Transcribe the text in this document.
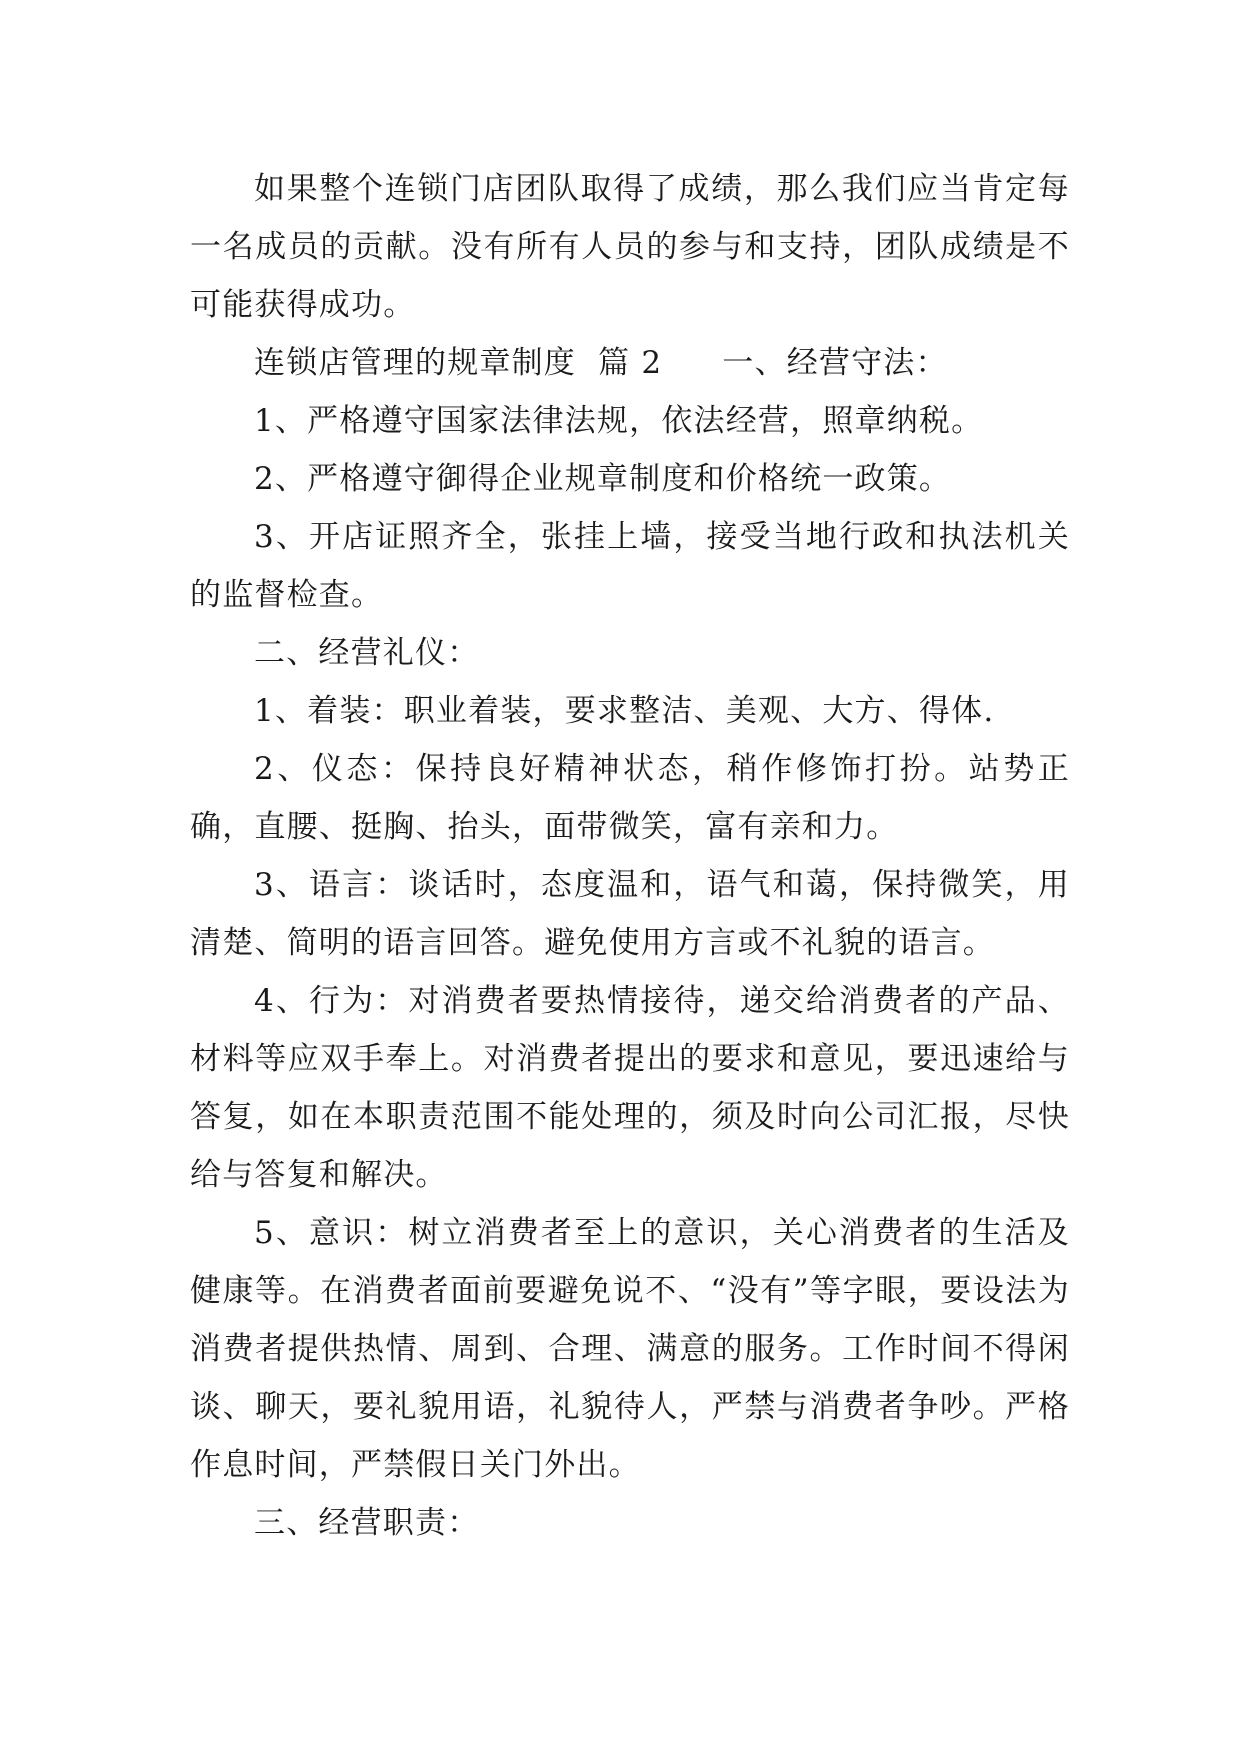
如果整个连锁门店团队取得了成绩，那么我们应当肯定每一名成员的贡献。没有所有人员的参与和支持，团队成绩是不可能获得成功。

连锁店管理的规章制度 篇 2 一、经营守法：

1、严格遵守国家法律法规，依法经营，照章纳税。

2、严格遵守御得企业规章制度和价格统一政策。

3、开店证照齐全，张挂上墙，接受当地行政和执法机关的监督检查。

二、经营礼仪：

1、着装：职业着装，要求整洁、美观、大方、得体.

2、仪态：保持良好精神状态，稍作修饰打扮。站势正确，直腰、挺胸、抬头，面带微笑，富有亲和力。

3、语言：谈话时，态度温和，语气和蔼，保持微笑，用清楚、简明的语言回答。避免使用方言或不礼貌的语言。

4、行为：对消费者要热情接待，递交给消费者的产品、材料等应双手奉上。对消费者提出的要求和意见，要迅速给与答复，如在本职责范围不能处理的，须及时向公司汇报，尽快给与答复和解决。

5、意识：树立消费者至上的意识，关心消费者的生活及健康等。在消费者面前要避免说不、“没有”等字眼，要设法为消费者提供热情、周到、合理、满意的服务。工作时间不得闲谈、聊天，要礼貌用语，礼貌待人，严禁与消费者争吵。严格作息时间，严禁假日关门外出。

三、经营职责：
